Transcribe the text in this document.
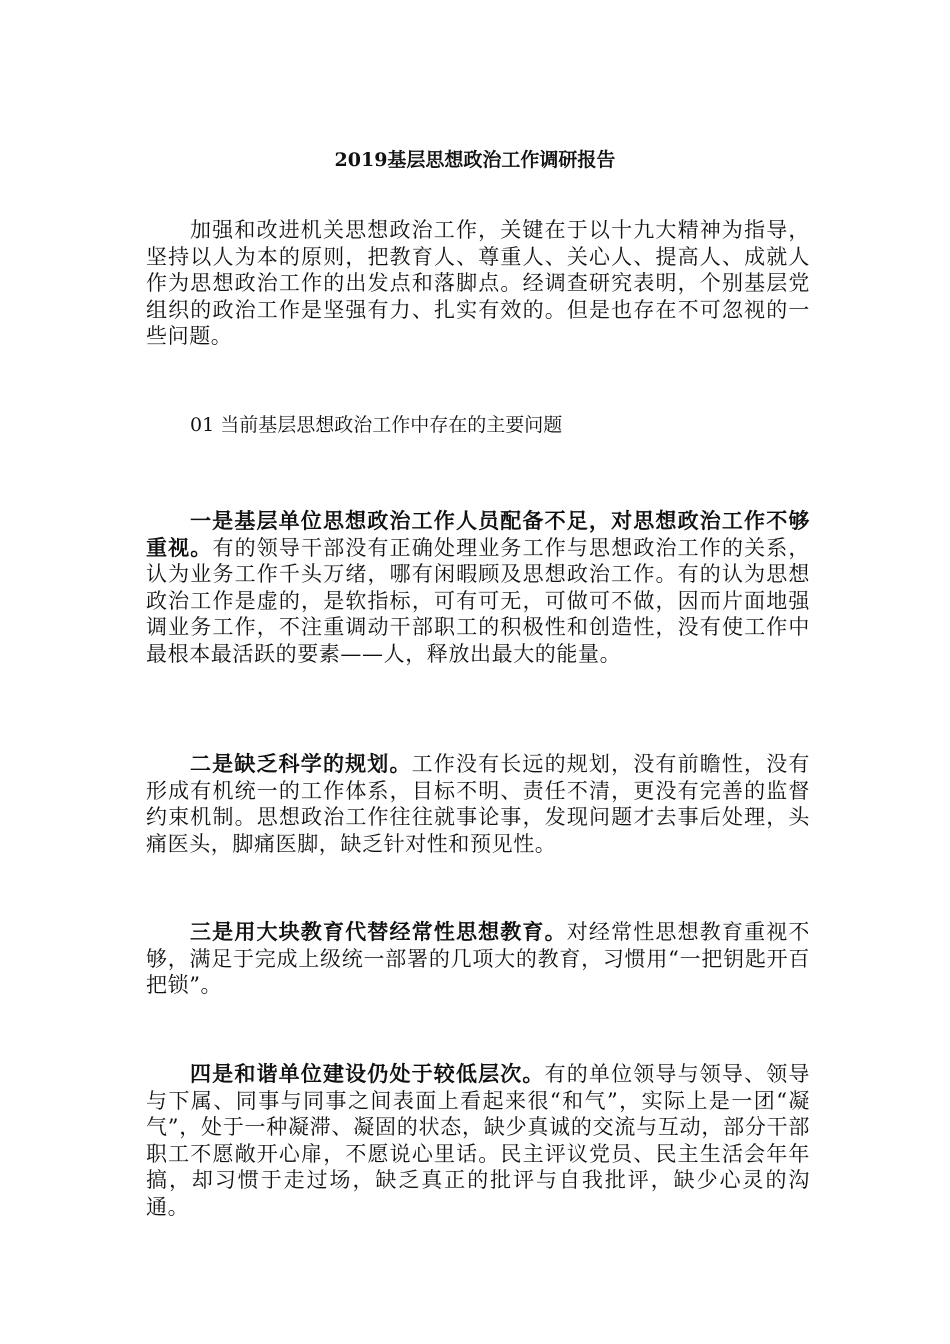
2019基层思想政治工作调研报告

加强和改进机关思想政治工作，关键在于以十九大精神为指导，坚持以人为本的原则，把教育人、尊重人、关心人、提高人、成就人作为思想政治工作的出发点和落脚点。经调查研究表明，个别基层党组织的政治工作是坚强有力、扎实有效的。但是也存在不可忽视的一些问题。

01 当前基层思想政治工作中存在的主要问题

一是基层单位思想政治工作人员配备不足，对思想政治工作不够重视。有的领导干部没有正确处理业务工作与思想政治工作的关系，认为业务工作千头万绪，哪有闲暇顾及思想政治工作。有的认为思想政治工作是虚的，是软指标，可有可无，可做可不做，因而片面地强调业务工作，不注重调动干部职工的积极性和创造性，没有使工作中最根本最活跃的要素——人，释放出最大的能量。

二是缺乏科学的规划。工作没有长远的规划，没有前瞻性，没有形成有机统一的工作体系，目标不明、责任不清，更没有完善的监督约束机制。思想政治工作往往就事论事，发现问题才去事后处理，头痛医头，脚痛医脚，缺乏针对性和预见性。

三是用大块教育代替经常性思想教育。对经常性思想教育重视不够，满足于完成上级统一部署的几项大的教育，习惯用“一把钥匙开百把锁”。

四是和谐单位建设仍处于较低层次。有的单位领导与领导、领导与下属、同事与同事之间表面上看起来很“和气”，实际上是一团“凝气”，处于一种凝滞、凝固的状态，缺少真诚的交流与互动，部分干部职工不愿敞开心扉，不愿说心里话。民主评议党员、民主生活会年年搞，却习惯于走过场，缺乏真正的批评与自我批评，缺少心灵的沟通。
